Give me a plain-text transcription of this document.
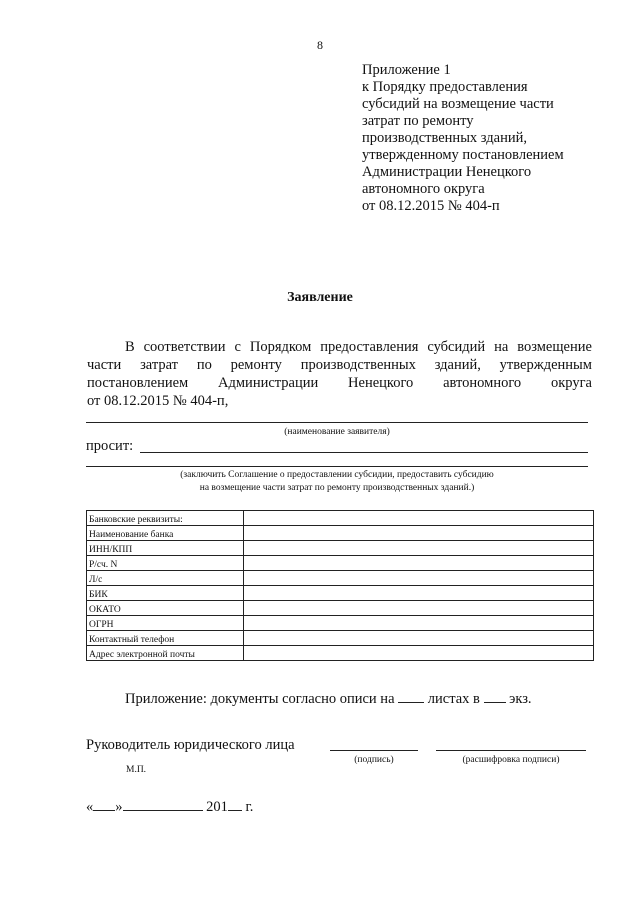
8
Приложение 1
к Порядку предоставления
субсидий на возмещение части
затрат по ремонту
производственных зданий,
утвержденному постановлением
Администрации Ненецкого
автономного округа
от 08.12.2015 № 404-п
Заявление
В соответствии с Порядком предоставления субсидий на возмещение
части затрат по ремонту производственных зданий, утвержденным
постановлением Администрации Ненецкого автономного округа
от 08.12.2015 № 404-п,
(наименование заявителя)
просит:
(заключить Соглашение о предоставлении субсидии, предоставить субсидию
на возмещение части затрат по ремонту производственных зданий.)
Банковские реквизиты:	
Наименование банка	
ИНН/КПП	
Р/сч. N	
Л/с	
БИК	
ОКАТО	
ОГРН	
Контактный телефон	
Адрес электронной почты	
Приложение: документы согласно описи на листах в экз.
Руководитель юридического лица
(подпись)	(расшифровка подписи)
М.П.
« »	201 г.
